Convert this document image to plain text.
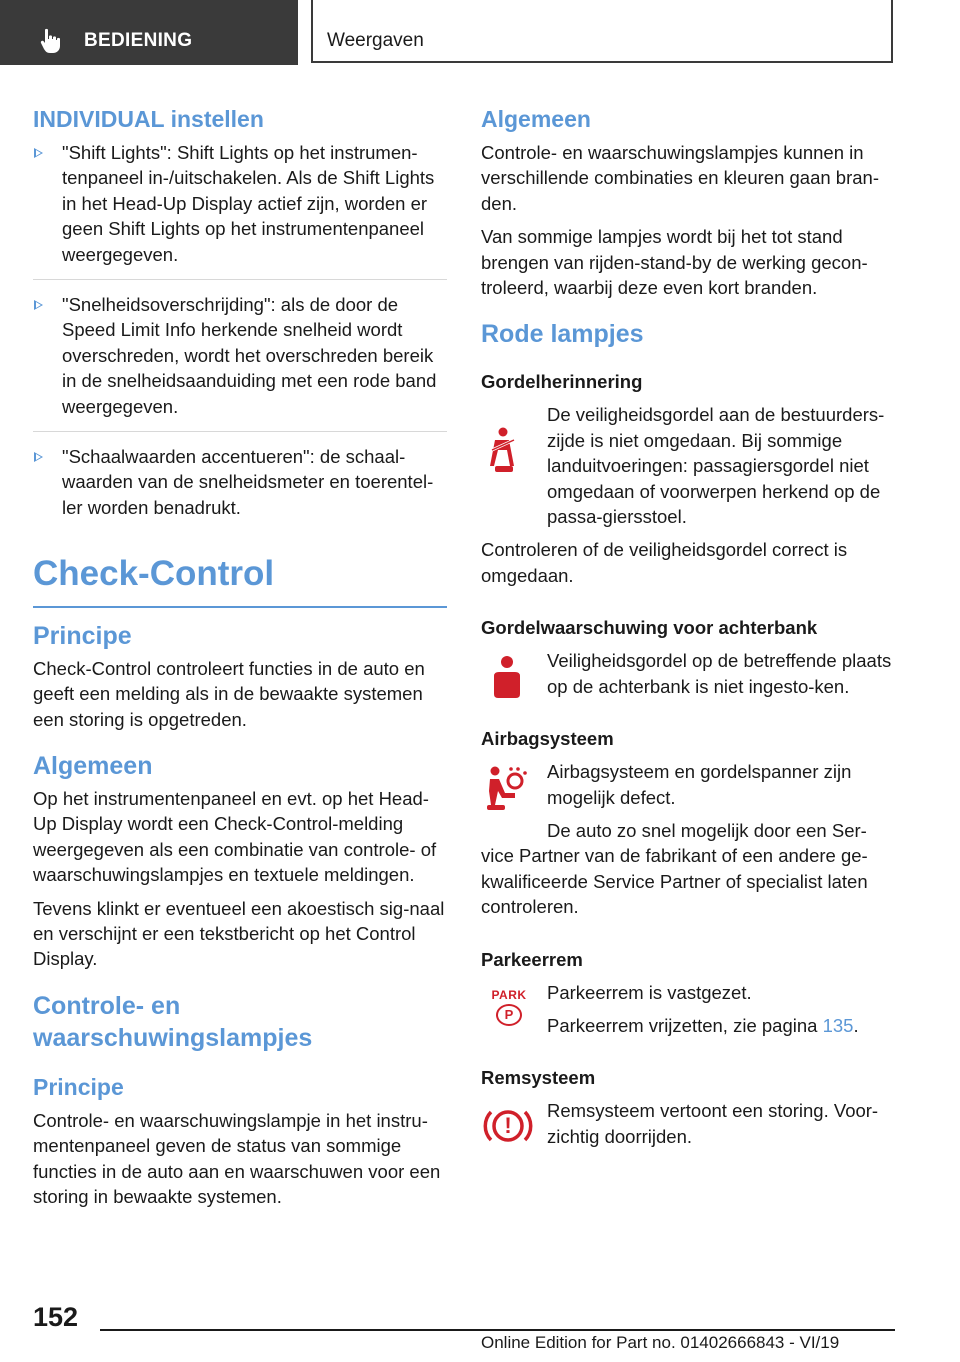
BEDIENING	Weergaven
INDIVIDUAL instellen
"Shift Lights": Shift Lights op het instrumen-tenpaneel in-/uitschakelen. Als de Shift Lights in het Head-Up Display actief zijn, worden er geen Shift Lights op het instrumentenpaneel weergegeven.
"Snelheidsoverschrijding": als de door de Speed Limit Info herkende snelheid wordt overschreden, wordt het overschreden bereik in de snelheidsaanduiding met een rode band weergegeven.
"Schaalwaarden accentueren": de schaal-waarden van de snelheidsmeter en toerentel-ler worden benadrukt.
Check-Control
Principe

Check-Control controleert functies in de auto en geeft een melding als in de bewaakte systemen een storing is opgetreden.

Algemeen

Op het instrumentenpaneel en evt. op het Head-Up Display wordt een Check-Control-melding weergegeven als een combinatie van controle- of waarschuwingslampjes en textuele meldingen.

Tevens klinkt er eventueel een akoestisch sig-naal en verschijnt er een tekstbericht op het Control Display.

Controle- en
waarschuwingslampjes
Principe

Controle- en waarschuwingslampje in het instru-mentenpaneel geven de status van sommige functies in de auto aan en waarschuwen voor een storing in bewaakte systemen.

Algemeen

Controle- en waarschuwingslampjes kunnen in verschillende combinaties en kleuren gaan bran-den.

Van sommige lampjes wordt bij het tot stand brengen van rijden-stand-by de werking gecon-troleerd, waarbij deze even kort branden.

Rode lampjes
Gordelherinnering

De veiligheidsgordel aan de bestuurders-zijde is niet omgedaan. Bij sommige landuitvoeringen: passagiersgordel niet omgedaan of voorwerpen herkend op de passa-giersstoel.

Controleren of de veiligheidsgordel correct is omgedaan.

Gordelwaarschuwing voor achterbank

Veiligheidsgordel op de betreffende plaats op de achterbank is niet ingesto-ken.

Airbagsysteem

Airbagsysteem en gordelspanner zijn mogelijk defect.

De auto zo snel mogelijk door een Ser-vice Partner van de fabrikant of een andere ge-kwalificeerde Service Partner of specialist laten controleren.

Parkeerrem
PARK
P

Parkeerrem is vastgezet.

Parkeerrem vrijzetten, zie pagina 135.

Remsysteem
!

Remsysteem vertoont een storing. Voor-zichtig doorrijden.

152
Online Edition for Part no. 01402666843 - VI/19
